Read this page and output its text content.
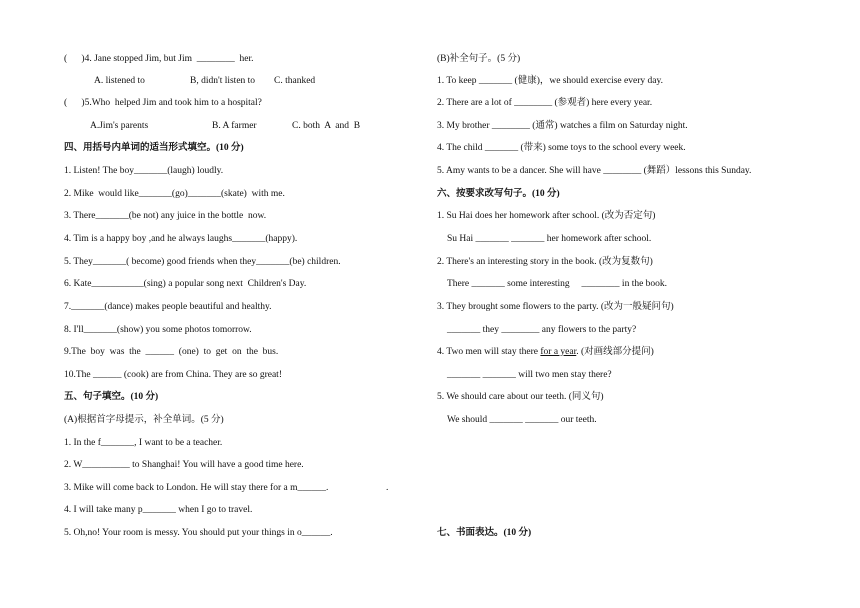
(      )4. Jane stopped Jim, but Jim  ________  her.
A. listened to	B, didn't listen to C. thanked
(      )5.Who  helped Jim and took him to a hospital?
A.Jim's parents	B. A farmer	C. both  A  and  B
四、用括号内单词的适当形式填空。(10 分)
1. Listen! The boy_______(laugh) loudly.
2. Mike  would like_______(go)_______(skate)  with me.
3. There_______(be not) any juice in the bottle  now.
4. Tim is a happy boy ,and he always laughs_______(happy).
5. They_______( become) good friends when they_______(be) children.
6. Kate___________(sing) a popular song next  Children's Day.
7._______(dance) makes people beautiful and healthy.
8. I'll_______(show) you some photos tomorrow.
9.The  boy  was  the  ______  (one)  to  get  on  the  bus.
10.The ______ (cook) are from China. They are so great!
五、句子填空。(10 分)
(A)根据首字母提示，补全单词。(5 分)
1. In the f_______, I want to be a teacher.
2. W__________ to Shanghai! You will have a good time here.
3. Mike will come back to London. He will stay there for a m______.	.
4. I will take many p_______ when I go to travel.
5. Oh,no! Your room is messy. You should put your things in o______.
(B)补全句子。(5 分)
1. To keep _______ (健康)，we should exercise every day.
2. There are a lot of ________ (参观者) here every year.
3. My brother ________ (通常) watches a film on Saturday night.
4. The child _______ (带来) some toys to the school every week.
5. Amy wants to be a dancer. She will have ________ (舞蹈）lessons this Sunday.
六、按要求改写句子。(10 分)
1. Su Hai does her homework after school. (改为否定句)
Su Hai _______ _______ her homework after school.
2. There's an interesting story in the book. (改为复数句)
There _______ some interesting     ________ in the book.
3. They brought some flowers to the party. (改为一般疑问句)
_______ they ________ any flowers to the party?
4. Two men will stay there for a year. (对画线部分提问)
_______ _______ will two men stay there?
5. We should care about our teeth. (同义句)
We should _______ _______ our teeth.
七、书面表达。(10 分)
